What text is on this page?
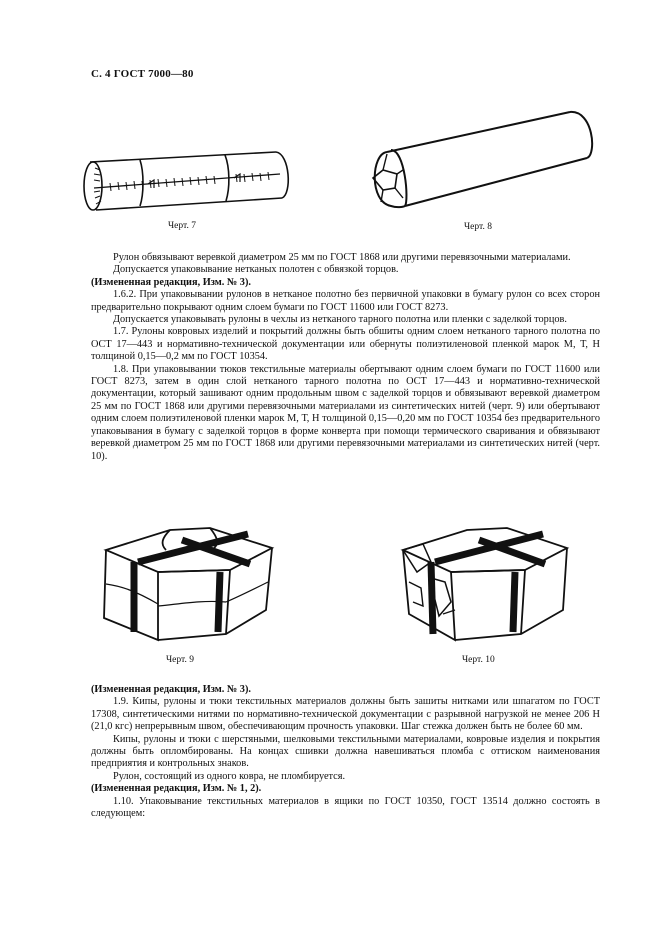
С. 4 ГОСТ 7000—80
Черт. 7	Черт. 8

Рулон обвязывают веревкой диаметром 25 мм по ГОСТ 1868 или другими перевязочными материалами.

Допускается упаковывание нетканых полотен с обвязкой торцов.

(Измененная редакция, Изм. № 3).

1.6.2. При упаковывании рулонов в нетканое полотно без первичной упаковки в бумагу рулон со всех сторон предварительно покрывают одним слоем бумаги по ГОСТ 11600 или ГОСТ 8273.

Допускается упаковывать рулоны в чехлы из нетканого тарного полотна или пленки с заделкой торцов.

1.7. Рулоны ковровых изделий и покрытий должны быть обшиты одним слоем нетканого тарного полотна по ОСТ 17—443 и нормативно-технической документации или обернуты полиэтиленовой пленкой марок М, Т, Н толщиной 0,15—0,2 мм по ГОСТ 10354.

1.8. При упаковывании тюков текстильные материалы обертывают одним слоем бумаги по ГОСТ 11600 или ГОСТ 8273, затем в один слой нетканого тарного полотна по ОСТ 17—443 и нормативно-технической документации, который зашивают одним продольным швом с заделкой торцов и обвязывают веревкой диаметром 25 мм по ГОСТ 1868 или другими перевязочными материалами из синтетических нитей (черт. 9) или обертывают одним слоем полиэтиленовой пленки марок М, Т, Н толщиной 0,15—0,20 мм по ГОСТ 10354 без предварительного упаковывания в бумагу с заделкой торцов в форме конверта при помощи термического сваривания и обвязывают веревкой диаметром 25 мм по ГОСТ 1868 или другими перевязочными материалами из синтетических нитей (черт. 10).

Черт. 9	Черт. 10

(Измененная редакция, Изм. № 3).

1.9. Кипы, рулоны и тюки текстильных материалов должны быть зашиты нитками или шпагатом по ГОСТ 17308, синтетическими нитями по нормативно-технической документации с разрывной нагрузкой не менее 206 Н (21,0 кгс) непрерывным швом, обеспечивающим прочность упаковки. Шаг стежка должен быть не более 60 мм.

Кипы, рулоны и тюки с шерстяными, шелковыми текстильными материалами, ковровые изделия и покрытия должны быть опломбированы. На концах сшивки должна навешиваться пломба с оттиском наименования предприятия и контрольных знаков.

Рулон, состоящий из одного ковра, не пломбируется.

(Измененная редакция, Изм. № 1, 2).

1.10. Упаковывание текстильных материалов в ящики по ГОСТ 10350, ГОСТ 13514 должно состоять в следующем:
